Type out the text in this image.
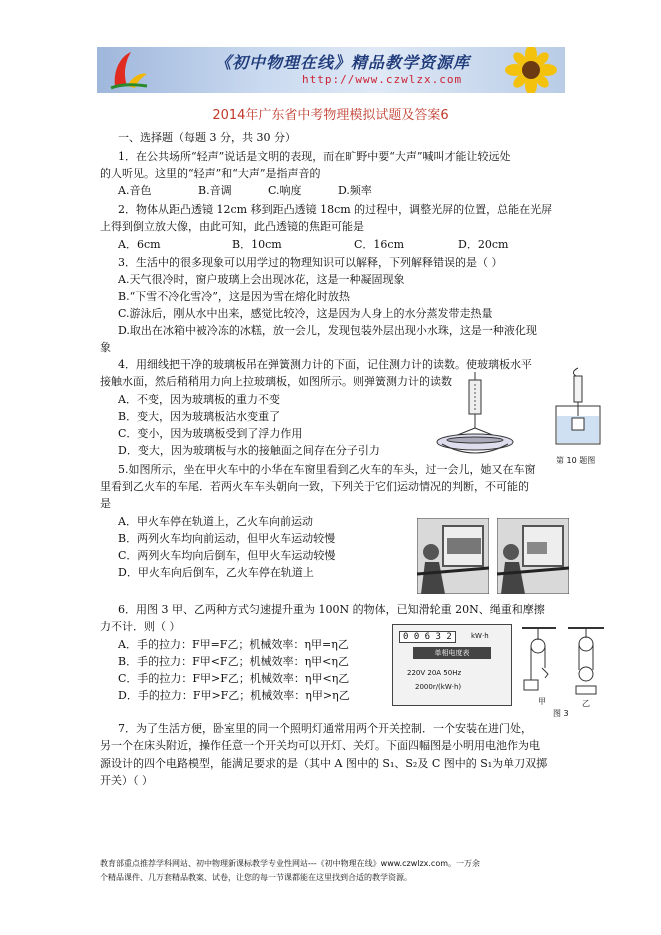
《初中物理在线》精品教学资源库
http://www.czwlzx.com
2014年广东省中考物理模拟试题及答案6
一、选择题（每题 3 分，共 30 分）
1．在公共场所“轻声”说话是文明的表现，而在旷野中要“大声”喊叫才能让较远处
的人听见。这里的“轻声”和“大声”是指声音的
A.音色	B.音调	C.响度	D.频率
2．物体从距凸透镜 12cm 移到距凸透镜 18cm 的过程中，调整光屏的位置，总能在光屏
上得到倒立放大像，由此可知，此凸透镜的焦距可能是
A．6cm	B．10cm	C．16cm	D．20cm
3．生活中的很多现象可以用学过的物理知识可以解释，下列解释错误的是（ ）
A.天气很冷时，窗户玻璃上会出现冰花，这是一种凝固现象
B.“下雪不冷化雪冷”，这是因为雪在熔化时放热
C.游泳后，刚从水中出来，感觉比较冷，这是因为人身上的水分蒸发带走热量
D.取出在冰箱中被冷冻的冰糕，放一会儿，发现包装外层出现小水珠，这是一种液化现
象
4．用细线把干净的玻璃板吊在弹簧测力计的下面，记住测力计的读数。使玻璃板水平
接触水面，然后稍稍用力向上拉玻璃板，如图所示。则弹簧测力计的读数
A．不变，因为玻璃板的重力不变
B．变大，因为玻璃板沾水变重了
C．变小，因为玻璃板受到了浮力作用
D．变大，因为玻璃板与水的接触面之间存在分子引力
第 10 题图
5.如图所示，坐在甲火车中的小华在车窗里看到乙火车的车头，过一会儿，她又在车窗
里看到乙火车的车尾．若两火车车头朝向一致，下列关于它们运动情况的判断，不可能的
是
A．甲火车停在轨道上，乙火车向前运动
B．两列火车均向前运动，但甲火车运动较慢
C．两列火车均向后倒车，但甲火车运动较慢
D．甲火车向后倒车，乙火车停在轨道上
6．用图 3 甲、乙两种方式匀速提升重为 100N 的物体，已知滑轮重 20N、绳重和摩擦
力不计．则（ ）
A．手的拉力：F甲=F乙；机械效率：η甲=η乙
B．手的拉力：F甲<F乙；机械效率：η甲<η乙
C．手的拉力：F甲>F乙；机械效率：η甲<η乙
D．手的拉力：F甲>F乙；机械效率：η甲>η乙
0 0 6 3 2	kW·h
单相电度表
220V 20A 50Hz
2000r/(kW·h)
甲	乙
图 3
7．为了生活方便，卧室里的同一个照明灯通常用两个开关控制．一个安装在进门处，
另一个在床头附近，操作任意一个开关均可以开灯、关灯。下面四幅图是小明用电池作为电
源设计的四个电路模型，能满足要求的是（其中 A 图中的 S₁、S₂及 C 图中的 S₁为单刀双掷
开关）（ ）
教育部重点推荐学科网站、初中物理新课标教学专业性网站---《初中物理在线》www.czwlzx.com。一万余
个精品课件、几万套精品教案、试卷，让您的每一节课都能在这里找到合适的教学资源。
